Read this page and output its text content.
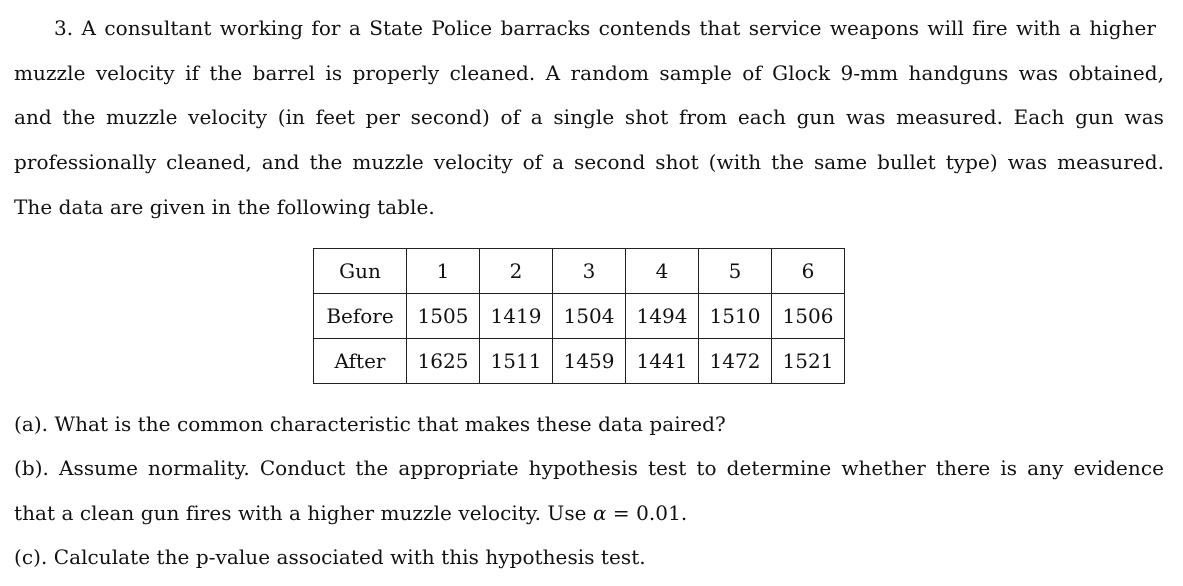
3. A consultant working for a State Police barracks contends that service weapons will fire with a higher
muzzle velocity if the barrel is properly cleaned. A random sample of Glock 9-mm handguns was obtained,
and the muzzle velocity (in feet per second) of a single shot from each gun was measured. Each gun was
professionally cleaned, and the muzzle velocity of a second shot (with the same bullet type) was measured.
The data are given in the following table.
Gun	1	2	3	4	5	6
Before	1505	1419	1504	1494	1510	1506
After	1625	1511	1459	1441	1472	1521
(a). What is the common characteristic that makes these data paired?
(b). Assume normality. Conduct the appropriate hypothesis test to determine whether there is any evidence
that a clean gun fires with a higher muzzle velocity. Use α = 0.01.
(c). Calculate the p-value associated with this hypothesis test.
